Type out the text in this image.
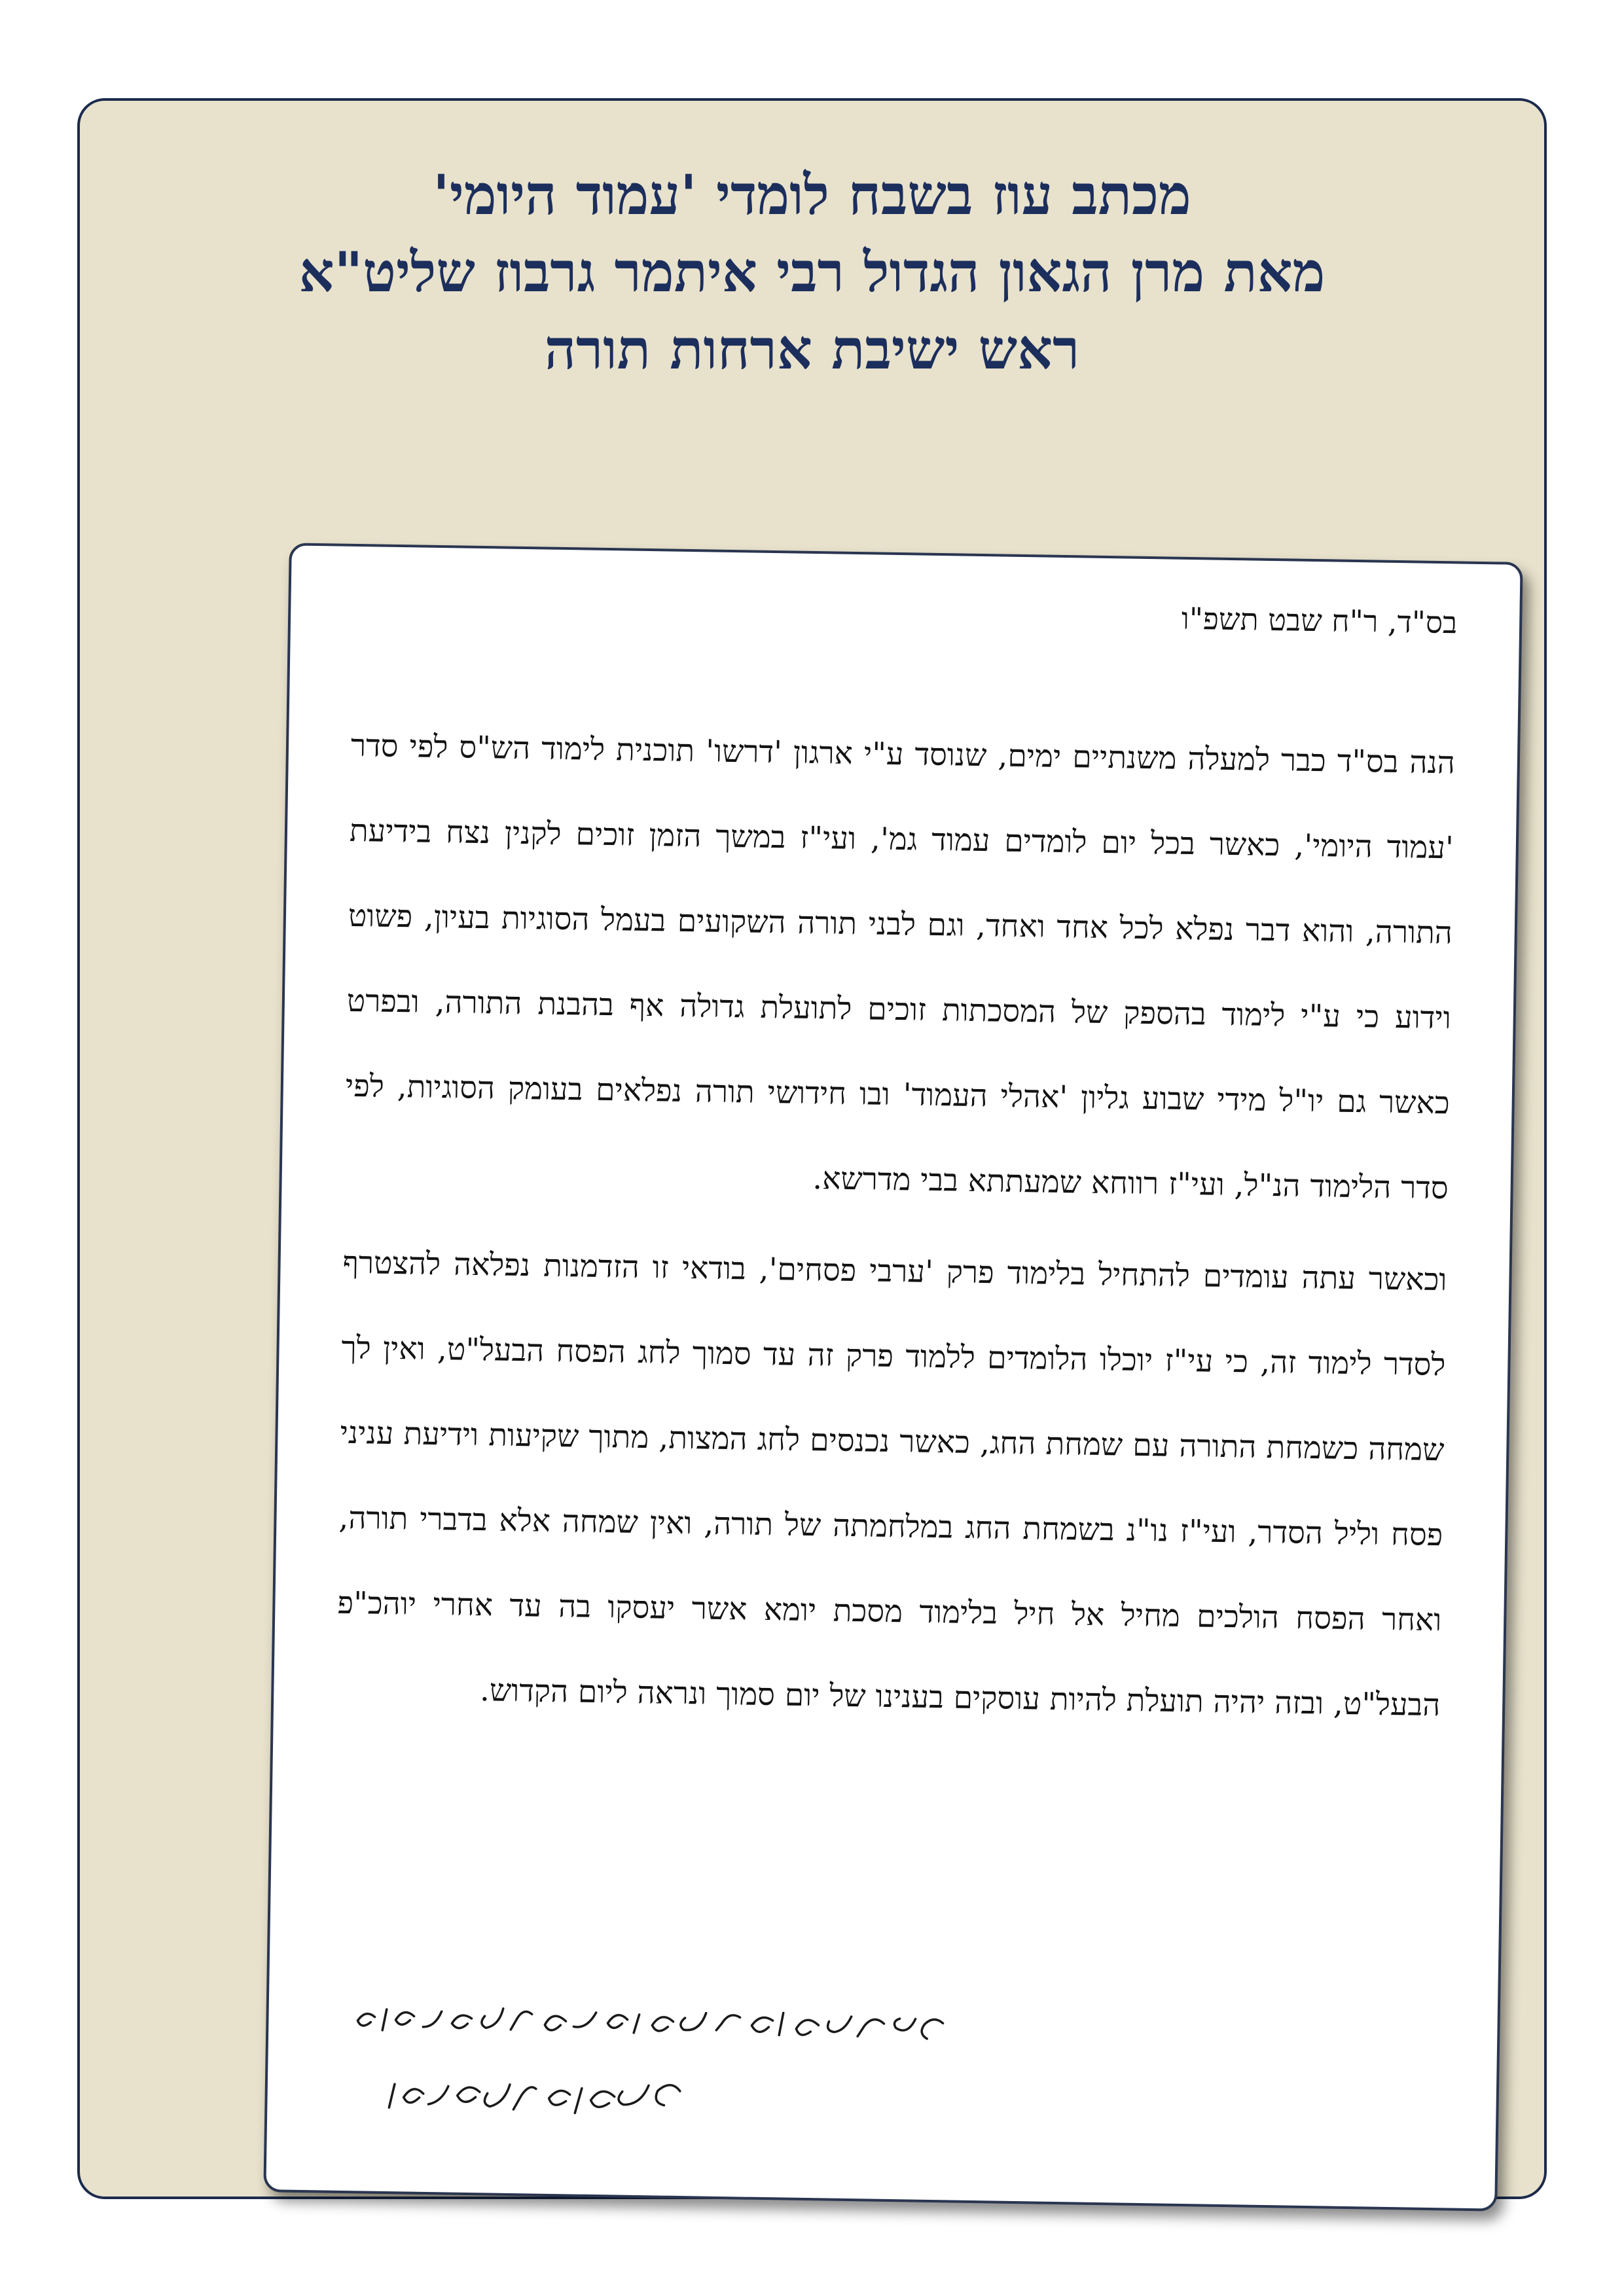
מכתב עוז בשבח לומדי 'עמוד היומי'
מאת מרן הגאון הגדול רבי איתמר גרבוז שליט"א
ראש ישיבת ארחות תורה

בס"ד, ר"ח שבט תשפ"ו

הנה בס"ד כבר למעלה משנתיים ימים, שנוסד ע"י ארגון 'דרשו' תוכנית לימוד הש"ס לפי סדר 'עמוד היומי', כאשר בכל יום לומדים עמוד גמ', ועי"ז במשך הזמן זוכים לקנין נצח בידיעת התורה, והוא דבר נפלא לכל אחד ואחד, וגם לבני תורה השקועים בעמל הסוגיות בעיון, פשוט וידוע כי ע"י לימוד בהספק של המסכתות זוכים לתועלת גדולה אף בהבנת התורה, ובפרט כאשר גם יו"ל מידי שבוע גליון 'אהלי העמוד' ובו חידושי תורה נפלאים בעומק הסוגיות, לפי סדר הלימוד הנ"ל, ועי"ז רווחא שמעתתא בבי מדרשא.

וכאשר עתה עומדים להתחיל בלימוד פרק 'ערבי פסחים', בודאי זו הזדמנות נפלאה להצטרף לסדר לימוד זה, כי עי"ז יוכלו הלומדים ללמוד פרק זה עד סמוך לחג הפסח הבעל"ט, ואין לך שמחה כשמחת התורה עם שמחת החג, כאשר נכנסים לחג המצות, מתוך שקיעות וידיעת עניני פסח וליל הסדר, ועי"ז נו"נ בשמחת החג במלחמתה של תורה, ואין שמחה אלא בדברי תורה, ואחר הפסח הולכים מחיל אל חיל בלימוד מסכת יומא אשר יעסקו בה עד אחרי יוהכ"פ הבעל"ט, ובזה יהיה תועלת להיות עוסקים בענינו של יום סמוך ונראה ליום הקדוש.
